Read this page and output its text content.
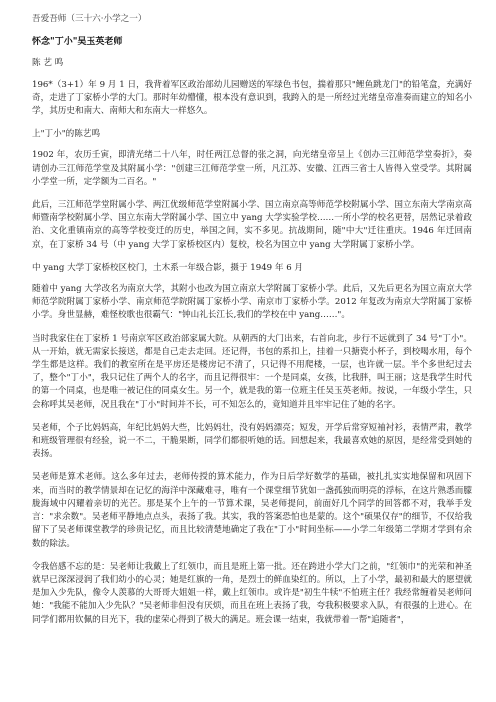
吾爱吾师（三十六·小学之一）

怀念"丁小"吴玉英老师

陈 艺 鸣

196*（3+1）年 9 月 1 日，我背着军区政治部幼儿园赠送的军绿色书包，揣着那只"鲤鱼跳龙门"的铅笔盒，充满好奇，走进了丁家桥小学的大门。那时年幼懵懂，根本没有意识到，我跨入的是一所经过光绪皇帝准奏而建立的知名小学，其历史和南大、南师大和东南大一样悠久。

上"丁小"的陈艺鸣

1902 年，农历壬寅，即清光绪二十八年，时任两江总督的张之洞，向光绪皇帝呈上《创办三江师范学堂奏折》，奏请创办三江师范学堂及其附属小学："创建三江师范学堂一所，凡江苏、安徽、江西三省士人皆得入堂受学。其附属小学堂一所，定学额为二百名。"

此后，三江师范学堂附属小学、两江优级师范学堂附属小学、国立南京高等师范学校附属小学、国立东南大学南京高师暨南学校附属小学、国立东南大学附属小学、国立中 yang 大学实验学校……一所小学的校名更替，居然记录着政治、文化重镇南京的高等学校变迁的历史，举国之间，实不多见。抗战期间，随"中大"迁往重庆。1946 年迁回南京，在丁家桥 34 号（中 yang 大学丁家桥校区内）复校，校名为国立中 yang 大学附属丁家桥小学。

中 yang 大学丁家桥校区校门，土木系一年级合影，摄于 1949 年 6 月

随着中 yang 大学改名为南京大学，其附小也改为国立南京大学附属丁家桥小学。此后，又先后更名为国立南京大学师范学院附属丁家桥小学、南京师范学院附属丁家桥小学、南京市丁家桥小学。2012 年复改为南京大学附属丁家桥小学。身世显赫，难怪校歌也很霸气："钟山礼长江长,我们的学校在中 yang……"。

当时我家住在丁家桥 1 号南京军区政治部家属大院。从朝西的大门出来，右首向北，步行不远就到了 34 号"丁小"。从一开始，就无需家长接送，都是自己走去走回。还记得，书包的系扣上，挂着一只搪瓷小杯子，到校喝水用，每个学生都是这样。我们的教室所在是平房还是楼房记不清了，只记得不用爬楼，一层，也许就一层。半个多世纪过去了，整个"丁小"，我只记住了两个人的名字，而且记得很牢：一个是同桌，女孩，比我胖，叫王丽；这是我学生时代的第一个同桌，也是唯一被记住的同桌女生。另一个，就是我的第一位班主任吴玉英老师。按说，一年级小学生，只会称呼其吴老师，况且我在"丁小"时间并不长，可不知怎么的，竟知道并且牢牢记住了她的名字。

吴老师，个子比妈妈高，年纪比妈妈大些，比妈妈壮，没有妈妈漂亮；短发，开学后常穿短袖衬衫，表情严肃，教学和班级管理很有经验，说一不二，干脆果断，同学们都很听她的话。回想起来，我最喜欢她的原因，是经常受到她的表扬。

吴老师是算术老师。这么多年过去，老师传授的算术能力，作为日后学好数学的基础，被扎扎实实地保留和巩固下来，而当时的教学情景却在记忆的海洋中深藏难寻，唯有一个课堂细节犹如一盏孤独而明亮的浮标，在这片熟悉而朦胧海域中闪耀着亲切的光芒。那是某个上午的一节算术课，吴老师提问，前面好几个同学的回答都不对，我举手发言："求余数"。吴老师平静地点点头，表扬了我。其实，我的答案恐怕也是蒙的。这个"硕果仅存"的细节，不仅给我留下了吴老师课堂教学的珍贵记忆，而且比较清楚地确定了我在"丁小"时间坐标——小学二年级第二学期才学到有余数的除法。

令我倍感不忘的是：吴老师让我戴上了红领巾，而且是班上第一批。还在跨进小学大门之前，"红领巾"的光荣和神圣就早已深深浸润了我们幼小的心灵；她是红旗的一角，是烈士的鲜血染红的。所以，上了小学，最初和最大的愿望就是加入少先队，像令人羡慕的大哥哥大姐姐一样，戴上红领巾。或许是"初生牛犊"不怕班主任？我经常缠着吴老师问她："我能不能加入少先队？"吴老师非但没有厌烦，而且在班上表扬了我，夸我积极要求入队，有很强的上进心。在同学们都用钦佩的目光下，我的虚荣心得到了极大的满足。班会课一结束，我就带着一帮"追随者"，
